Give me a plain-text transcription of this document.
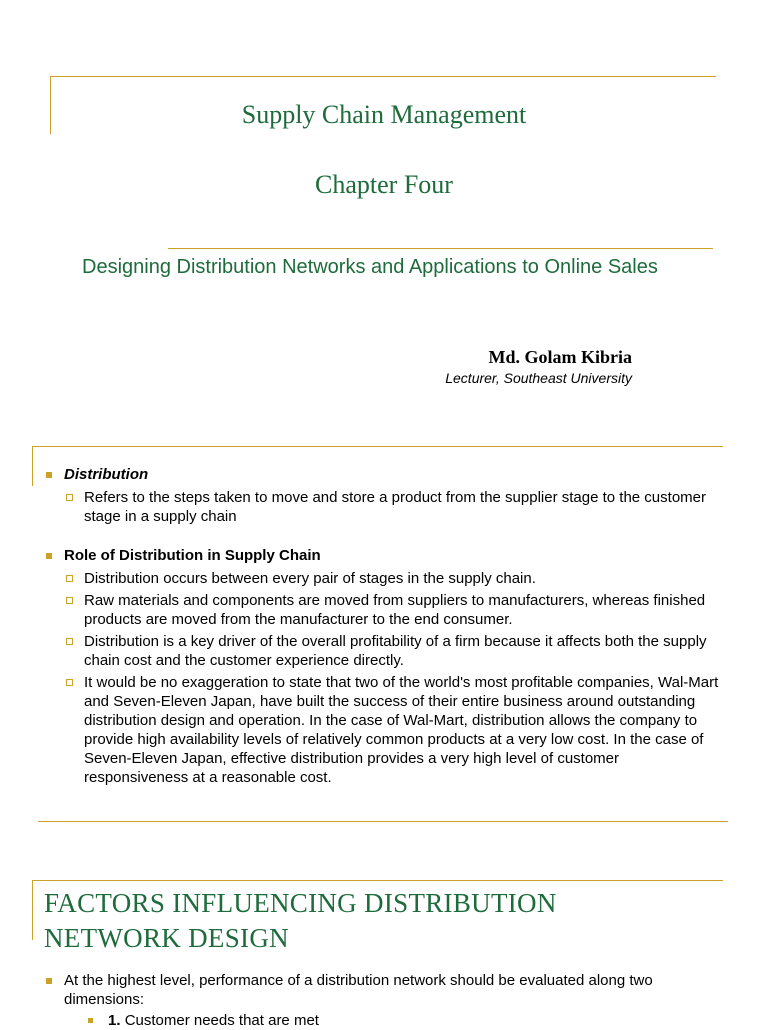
Supply Chain Management
Chapter Four
Designing Distribution Networks and Applications to Online Sales
Md. Golam Kibria
Lecturer, Southeast University
Distribution
Refers to the steps taken to move and store a product from the supplier stage to the customer stage in a supply chain
Role of Distribution in Supply Chain
Distribution occurs between every pair of stages in the supply chain.
Raw materials and components are moved from suppliers to manufacturers, whereas finished products are moved from the manufacturer to the end consumer.
Distribution is a key driver of the overall profitability of a firm because it affects both the supply chain cost and the customer experience directly.
It would be no exaggeration to state that two of the world's most profitable companies, Wal-Mart and Seven-Eleven Japan, have built the success of their entire business around outstanding distribution design and operation. In the case of Wal-Mart, distribution allows the company to provide high availability levels of relatively common products at a very low cost. In the case of Seven-Eleven Japan, effective distribution provides a very high level of customer responsiveness at a reasonable cost.
FACTORS INFLUENCING DISTRIBUTION NETWORK DESIGN
At the highest level, performance of a distribution network should be evaluated along two dimensions:
1. Customer needs that are met
